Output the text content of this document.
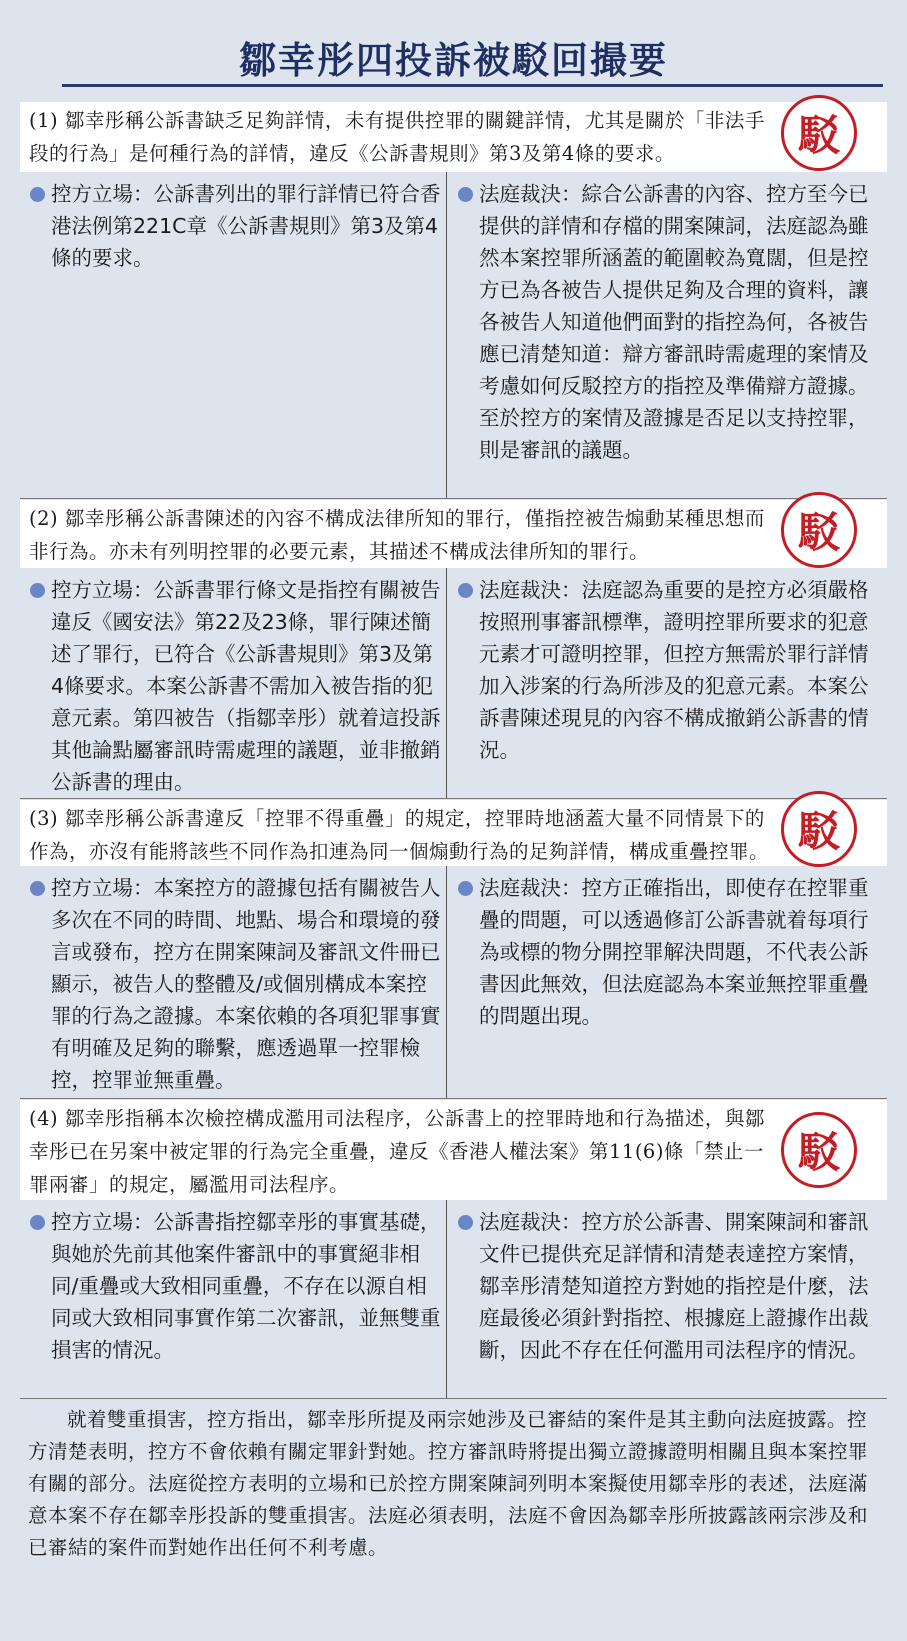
鄒幸彤四投訴被駁回撮要
(1) 鄒幸彤稱公訴書缺乏足夠詳情，未有提供控罪的關鍵詳情，尤其是關於「非法手段的行為」是何種行為的詳情，違反《公訴書規則》第3及第4條的要求。	駁
控方立場：公訴書列出的罪行詳情已符合香港法例第221C章《公訴書規則》第3及第4條的要求。
法庭裁決：綜合公訴書的內容、控方至今已提供的詳情和存檔的開案陳詞，法庭認為雖然本案控罪所涵蓋的範圍較為寬闊，但是控方已為各被告人提供足夠及合理的資料，讓各被告人知道他們面對的指控為何，各被告應已清楚知道：辯方審訊時需處理的案情及考慮如何反駁控方的指控及準備辯方證據。至於控方的案情及證據是否足以支持控罪，則是審訊的議題。
(2) 鄒幸彤稱公訴書陳述的內容不構成法律所知的罪行，僅指控被告煽動某種思想而非行為。亦未有列明控罪的必要元素，其描述不構成法律所知的罪行。	駁
控方立場：公訴書罪行條文是指控有關被告違反《國安法》第22及23條，罪行陳述簡述了罪行，已符合《公訴書規則》第3及第4條要求。本案公訴書不需加入被告指的犯意元素。第四被告（指鄒幸彤）就着這投訴其他論點屬審訊時需處理的議題，並非撤銷公訴書的理由。
法庭裁決：法庭認為重要的是控方必須嚴格按照刑事審訊標準，證明控罪所要求的犯意元素才可證明控罪，但控方無需於罪行詳情加入涉案的行為所涉及的犯意元素。本案公訴書陳述現見的內容不構成撤銷公訴書的情況。
(3) 鄒幸彤稱公訴書違反「控罪不得重疊」的規定，控罪時地涵蓋大量不同情景下的作為，亦沒有能將該些不同作為扣連為同一個煽動行為的足夠詳情，構成重疊控罪。 駁
控方立場：本案控方的證據包括有關被告人多次在不同的時間、地點、場合和環境的發言或發布，控方在開案陳詞及審訊文件冊已顯示，被告人的整體及/或個別構成本案控罪的行為之證據。本案依賴的各項犯罪事實有明確及足夠的聯繫，應透過單一控罪檢控，控罪並無重疊。
法庭裁決：控方正確指出，即使存在控罪重疊的問題，可以透過修訂公訴書就着每項行為或標的物分開控罪解決問題，不代表公訴書因此無效，但法庭認為本案並無控罪重疊的問題出現。
(4) 鄒幸彤指稱本次檢控構成濫用司法程序，公訴書上的控罪時地和行為描述，與鄒幸彤已在另案中被定罪的行為完全重疊，違反《香港人權法案》第11(6)條「禁止一罪兩審」的規定，屬濫用司法程序。
駁
控方立場：公訴書指控鄒幸彤的事實基礎，與她於先前其他案件審訊中的事實絕非相同/重疊或大致相同重疊，不存在以源自相同或大致相同事實作第二次審訊，並無雙重損害的情況。
法庭裁決：控方於公訴書、開案陳詞和審訊文件已提供充足詳情和清楚表達控方案情，鄒幸彤清楚知道控方對她的指控是什麼，法庭最後必須針對指控、根據庭上證據作出裁斷，因此不存在任何濫用司法程序的情況。
就着雙重損害，控方指出，鄒幸彤所提及兩宗她涉及已審結的案件是其主動向法庭披露。控方清楚表明，控方不會依賴有關定罪針對她。控方審訊時將提出獨立證據證明相關且與本案控罪有關的部分。法庭從控方表明的立場和已於控方開案陳詞列明本案擬使用鄒幸彤的表述，法庭滿意本案不存在鄒幸彤投訴的雙重損害。法庭必須表明，法庭不會因為鄒幸彤所披露該兩宗涉及和已審結的案件而對她作出任何不利考慮。
